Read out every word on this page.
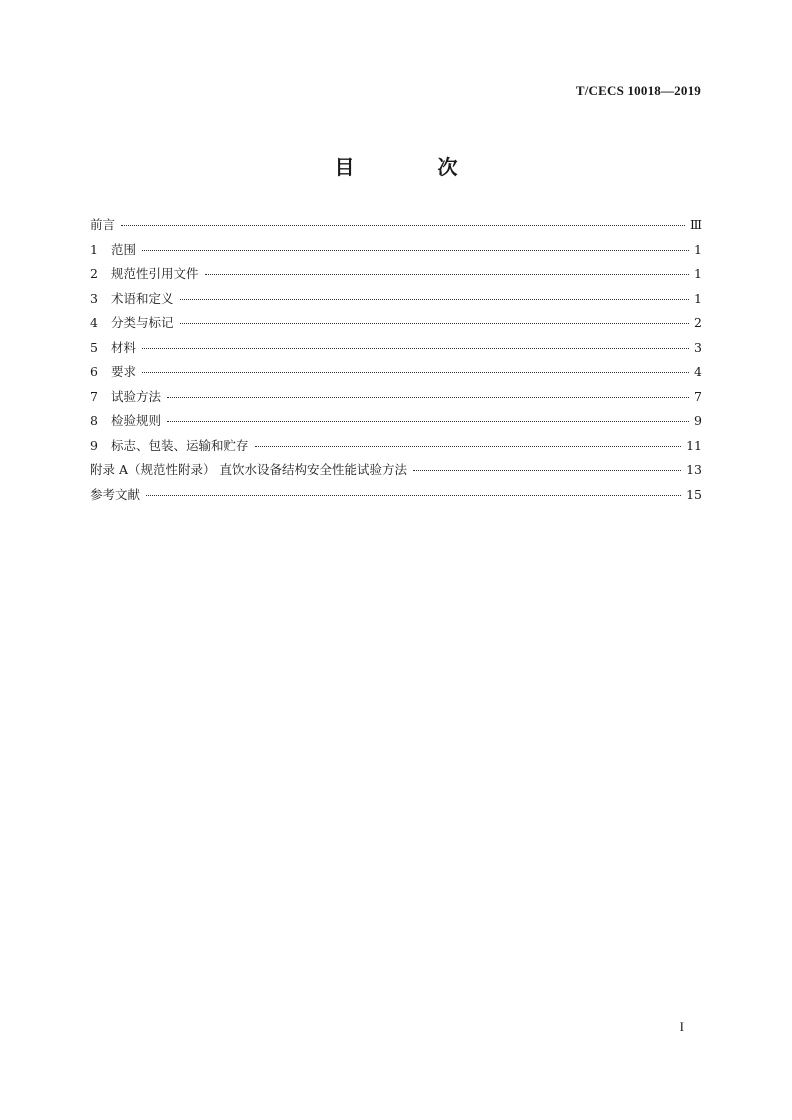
T/CECS 10018—2019
目 次
前言	Ⅲ
1	范围	1
2	规范性引用文件	1
3	术语和定义	1
4	分类与标记	2
5	材料	3
6	要求	4
7	试验方法	7
8	检验规则	9
9	标志、包装、运输和贮存	11
附录 A（规范性附录） 直饮水设备结构安全性能试验方法	13
参考文献	15
I
